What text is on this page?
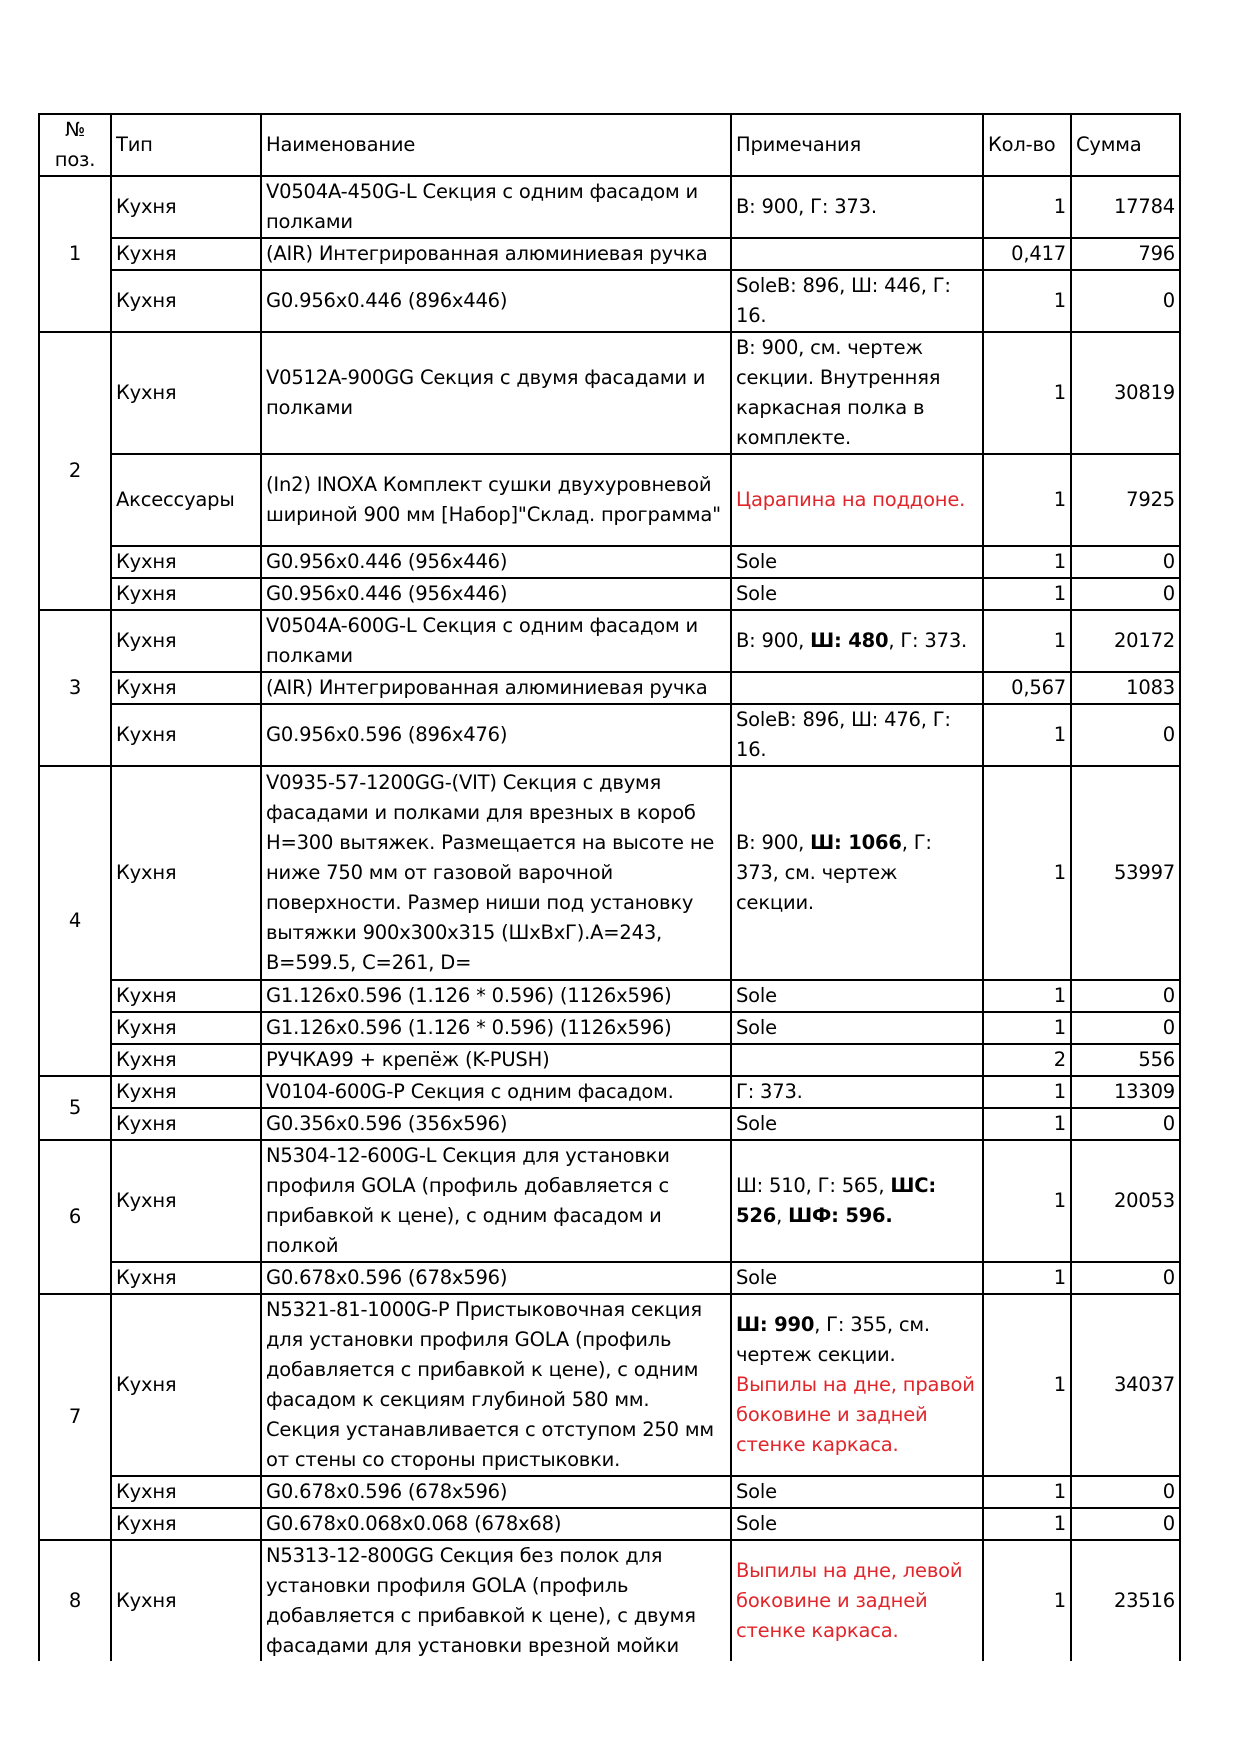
№ поз.	Тип	Наименование	Примечания	Кол-во	Сумма
1	Кухня	V0504A-450G-L Секция с одним фасадом и полками	В: 900, Г: 373.	1	17784
	Кухня	(AIR) Интегрированная алюминиевая ручка		0,417	796
	Кухня	G0.956x0.446 (896x446)	SoleB: 896, Ш: 446, Г: 16.	1	0
2	Кухня	V0512A-900GG Секция с двумя фасадами и полками	В: 900, см. чертеж секции. Внутренняя каркасная полка в комплекте.	1	30819
	Аксессуары	(In2) INOXA Комплект сушки двухуровневой шириной 900 мм [Набор]"Склад. программа"	Царапина на поддоне.	1	7925
	Кухня	G0.956x0.446 (956x446)	Sole	1	0
	Кухня	G0.956x0.446 (956x446)	Sole	1	0
3	Кухня	V0504A-600G-L Секция с одним фасадом и полками	В: 900, Ш: 480, Г: 373.	1	20172
	Кухня	(AIR) Интегрированная алюминиевая ручка		0,567	1083
	Кухня	G0.956x0.596 (896x476)	SoleB: 896, Ш: 476, Г: 16.	1	0
4	Кухня	V0935-57-1200GG-(VIT) Секция с двумя фасадами и полками для врезных в короб H=300 вытяжек. Размещается на высоте не ниже 750 мм от газовой варочной поверхности. Размер ниши под установку вытяжки 900x300x315 (ШxВxГ).A=243, B=599.5, C=261, D=	В: 900, Ш: 1066, Г: 373, см. чертеж секции.	1	53997
	Кухня	G1.126x0.596 (1.126 * 0.596) (1126x596)	Sole	1	0
	Кухня	G1.126x0.596 (1.126 * 0.596) (1126x596)	Sole	1	0
	Кухня	РУЧКА99 + крепёж (K-PUSH)		2	556
5	Кухня	V0104-600G-P Секция с одним фасадом.	Г: 373.	1	13309
	Кухня	G0.356x0.596 (356x596)	Sole	1	0
6	Кухня	N5304-12-600G-L Секция для установки профиля GOLA (профиль добавляется с прибавкой к цене), с одним фасадом и полкой	Ш: 510, Г: 565, ШС: 526, ШФ: 596.	1	20053
	Кухня	G0.678x0.596 (678x596)	Sole	1	0
7	Кухня	N5321-81-1000G-P Пристыковочная секция для установки профиля GOLA (профиль добавляется с прибавкой к цене), с одним фасадом к секциям глубиной 580 мм. Секция устанавливается с отступом 250 мм от стены со стороны пристыковки.	Ш: 990, Г: 355, см. чертеж секции. Выпилы на дне, правой боковине и задней стенке каркаса.	1	34037
	Кухня	G0.678x0.596 (678x596)	Sole	1	0
	Кухня	G0.678x0.068x0.068 (678x68)	Sole	1	0
8	Кухня	N5313-12-800GG Секция без полок для установки профиля GOLA (профиль добавляется с прибавкой к цене), с двумя фасадами для установки врезной мойки	Выпилы на дне, левой боковине и задней стенке каркаса.	1	23516
